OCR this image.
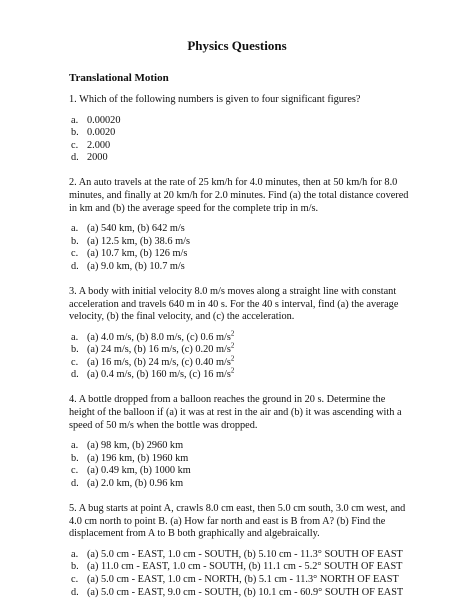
Physics Questions
Translational Motion
1. Which of the following numbers is given to four significant figures?
a. 0.00020
b. 0.0020
c. 2.000
d. 2000
2. An auto travels at the rate of 25 km/h for 4.0 minutes, then at 50 km/h for 8.0 minutes, and finally at 20 km/h for 2.0 minutes. Find (a) the total distance covered in km and (b) the average speed for the complete trip in m/s.
a. (a) 540 km, (b) 642 m/s
b. (a) 12.5 km, (b) 38.6 m/s
c. (a) 10.7 km, (b) 126 m/s
d. (a) 9.0 km, (b) 10.7 m/s
3. A body with initial velocity 8.0 m/s moves along a straight line with constant acceleration and travels 640 m in 40 s. For the 40 s interval, find (a) the average velocity, (b) the final velocity, and (c) the acceleration.
a. (a) 4.0 m/s, (b) 8.0 m/s, (c) 0.6 $m/s^2$
b. (a) 24 m/s, (b) 16 m/s, (c) 0.20 $m/s^2$
c. (a) 16 m/s, (b) 24 m/s, (c) 0.40 $m/s^2$
d. (a) 0.4 m/s, (b) 160 m/s, (c) 16 $m/s^2$
4. A bottle dropped from a balloon reaches the ground in 20 s. Determine the height of the balloon if (a) it was at rest in the air and (b) it was ascending with a speed of 50 m/s when the bottle was dropped.
a. (a) 98 km, (b) 2960 km
b. (a) 196 km, (b) 1960 km
c. (a) 0.49 km, (b) 1000 km
d. (a) 2.0 km, (b) 0.96 km
5. A bug starts at point A, crawls 8.0 cm east, then 5.0 cm south, 3.0 cm west, and 4.0 cm north to point B. (a) How far north and east is B from A? (b) Find the displacement from A to B both graphically and algebraically.
a. (a) 5.0 cm - EAST, 1.0 cm - SOUTH, (b) 5.10 cm - 11.3° SOUTH OF EAST
b. (a) 11.0 cm - EAST, 1.0 cm - SOUTH, (b) 11.1 cm - 5.2° SOUTH OF EAST
c. (a) 5.0 cm - EAST, 1.0 cm - NORTH, (b) 5.1 cm - 11.3° NORTH OF EAST
d. (a) 5.0 cm - EAST, 9.0 cm - SOUTH, (b) 10.1 cm - 60.9° SOUTH OF EAST
